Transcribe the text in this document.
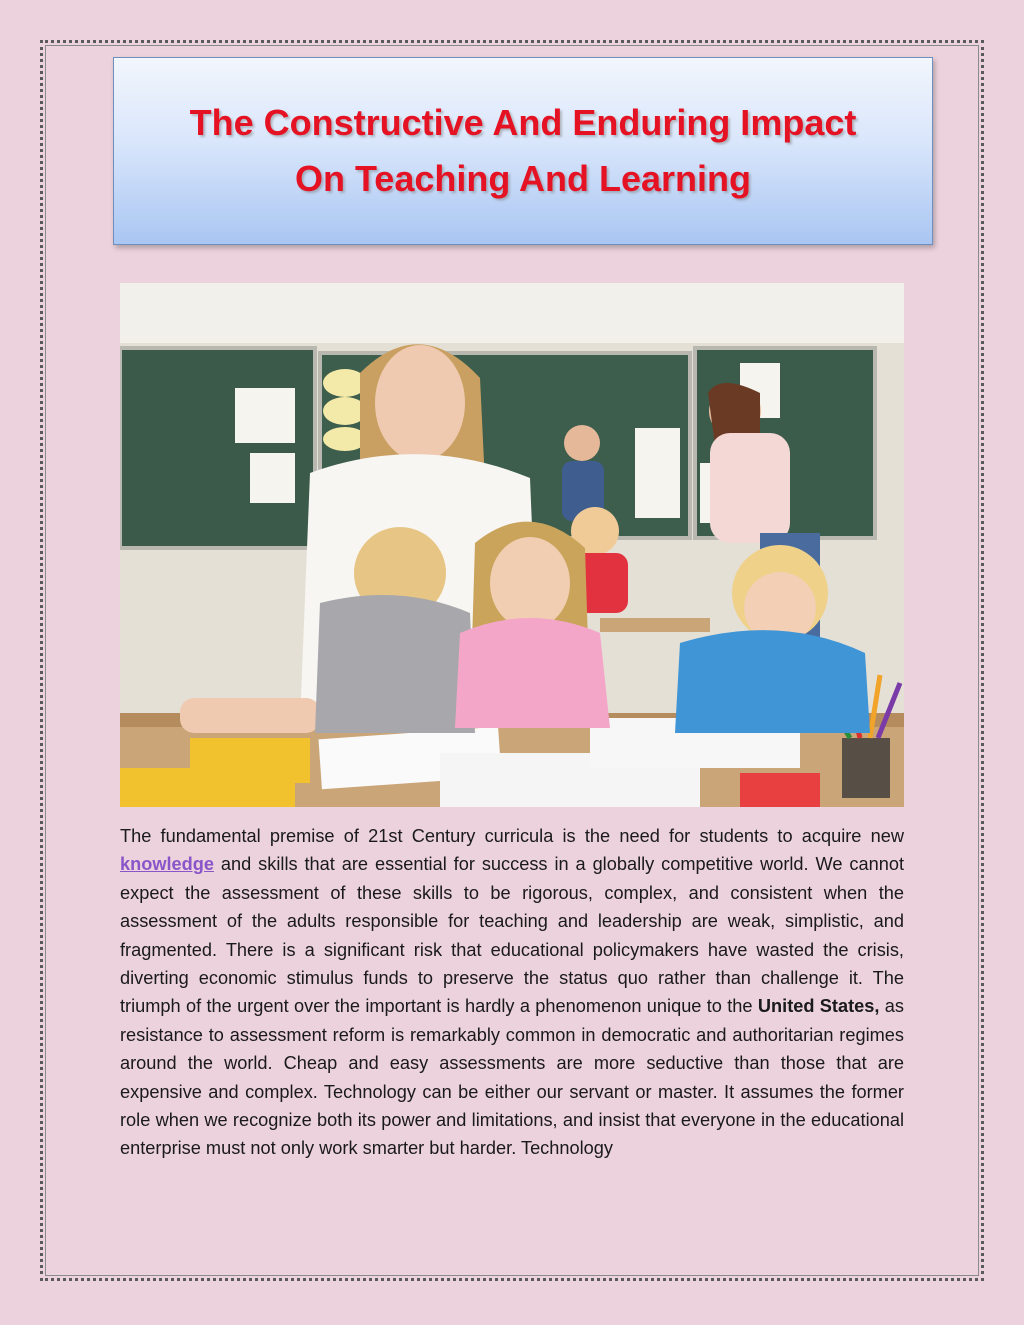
The Constructive And Enduring Impact
On Teaching And Learning

The fundamental premise of 21st Century curricula is the need for students to acquire new knowledge and skills that are essential for success in a globally competitive world. We cannot expect the assessment of these skills to be rigorous, complex, and consistent when the assessment of the adults responsible for teaching and leadership are weak, simplistic, and fragmented. There is a significant risk that educational policymakers have wasted the crisis, diverting economic stimulus funds to preserve the status quo rather than challenge it. The triumph of the urgent over the important is hardly a phenomenon unique to the United States, as resistance to assessment reform is remarkably common in democratic and authoritarian regimes around the world. Cheap and easy assessments are more seductive than those that are expensive and complex. Technology can be either our servant or master. It assumes the former role when we recognize both its power and limitations, and insist that everyone in the educational enterprise must not only work smarter but harder. Technology
